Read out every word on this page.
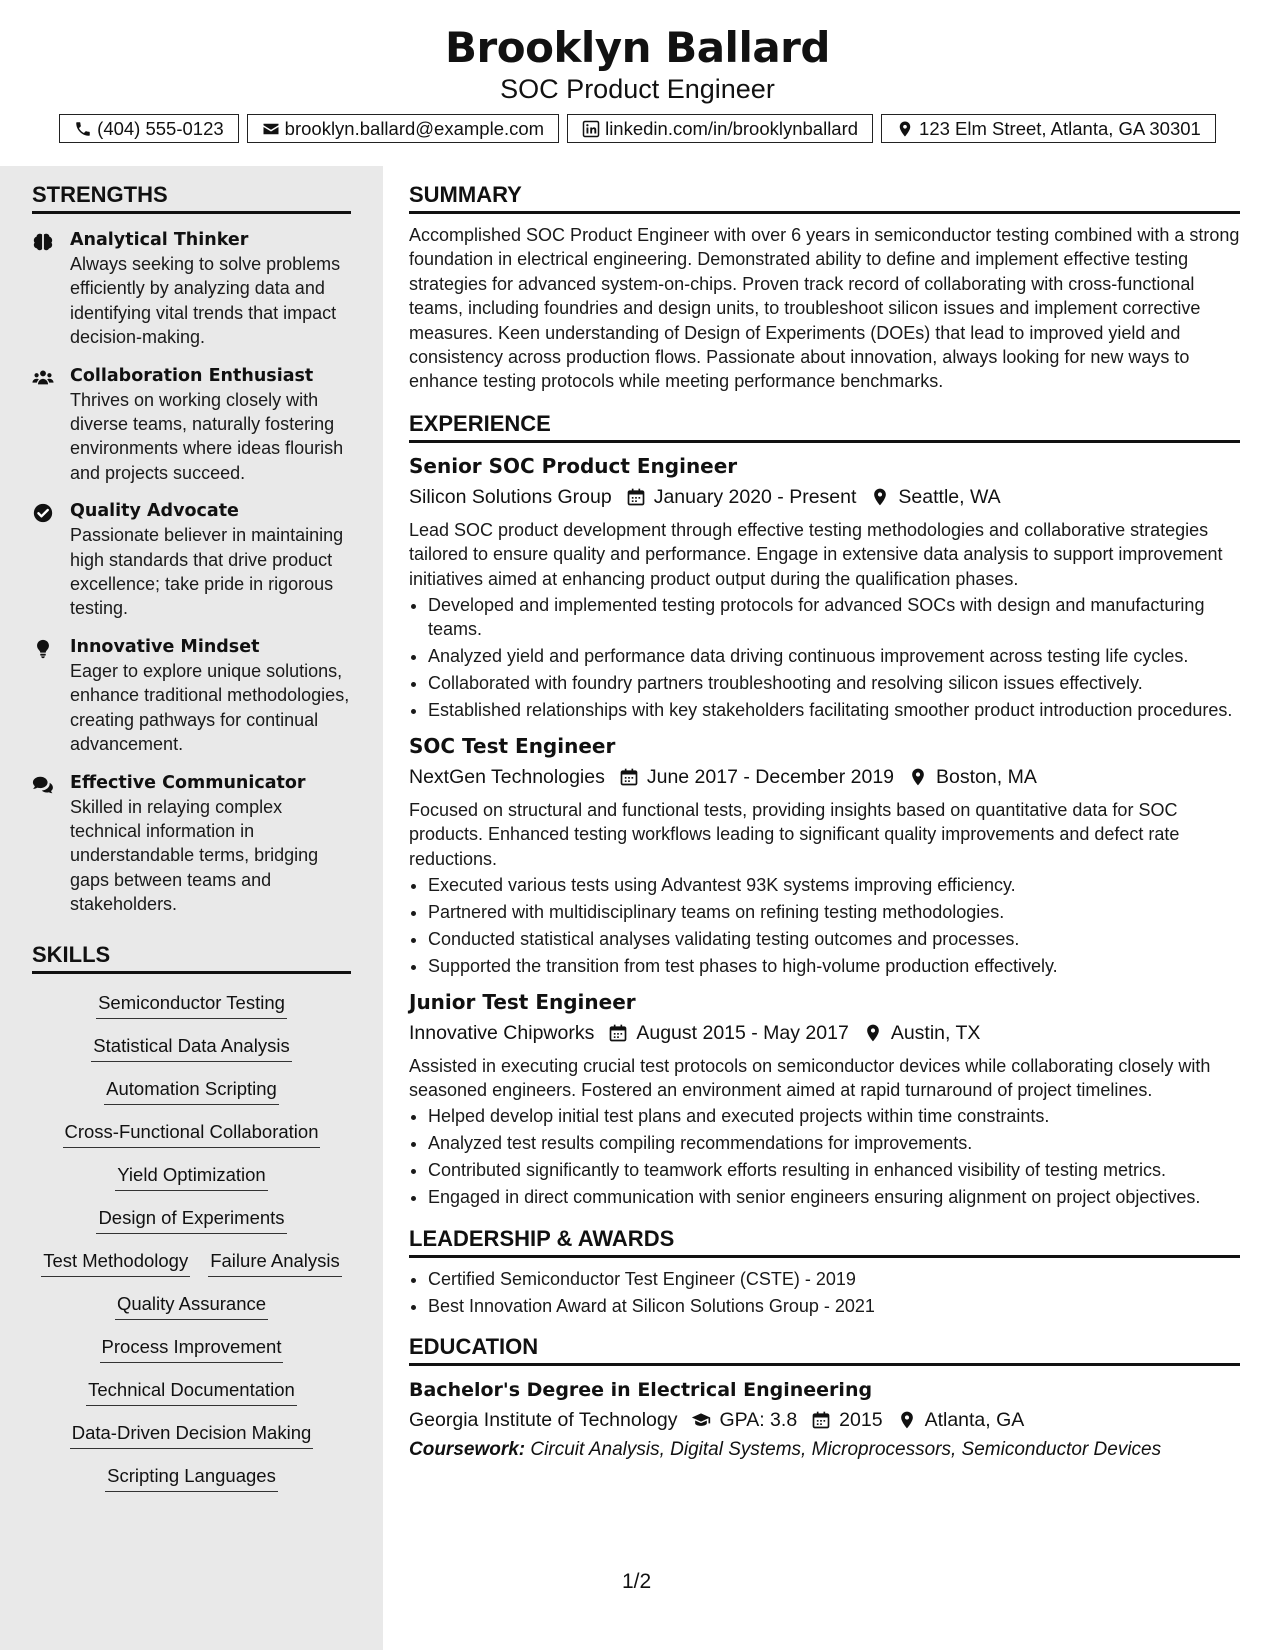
Brooklyn Ballard
SOC Product Engineer
(404) 555-0123	brooklyn.ballard@example.com	linkedin.com/in/brooklynballard	123 Elm Street, Atlanta, GA 30301
STRENGTHS
Analytical Thinker
Always seeking to solve problems efficiently by analyzing data and identifying vital trends that impact decision-making.
Collaboration Enthusiast
Thrives on working closely with diverse teams, naturally fostering environments where ideas flourish and projects succeed.
Quality Advocate
Passionate believer in maintaining high standards that drive product excellence; take pride in rigorous testing.
Innovative Mindset
Eager to explore unique solutions, enhance traditional methodologies, creating pathways for continual advancement.
Effective Communicator
Skilled in relaying complex technical information in understandable terms, bridging gaps between teams and stakeholders.
SKILLS
Semiconductor Testing
Statistical Data Analysis
Automation Scripting
Cross-Functional Collaboration
Yield Optimization
Design of Experiments
Test Methodology Failure Analysis
Quality Assurance
Process Improvement
Technical Documentation
Data-Driven Decision Making
Scripting Languages
SUMMARY
Accomplished SOC Product Engineer with over 6 years in semiconductor testing combined with a strong foundation in electrical engineering. Demonstrated ability to define and implement effective testing strategies for advanced system-on-chips. Proven track record of collaborating with cross-functional teams, including foundries and design units, to troubleshoot silicon issues and implement corrective measures. Keen understanding of Design of Experiments (DOEs) that lead to improved yield and consistency across production flows. Passionate about innovation, always looking for new ways to enhance testing protocols while meeting performance benchmarks.
EXPERIENCE
Senior SOC Product Engineer
Silicon Solutions Group January 2020 - Present Seattle, WA
Lead SOC product development through effective testing methodologies and collaborative strategies tailored to ensure quality and performance. Engage in extensive data analysis to support improvement initiatives aimed at enhancing product output during the qualification phases.
• Developed and implemented testing protocols for advanced SOCs with design and manufacturing teams.
• Analyzed yield and performance data driving continuous improvement across testing life cycles.
• Collaborated with foundry partners troubleshooting and resolving silicon issues effectively.
• Established relationships with key stakeholders facilitating smoother product introduction procedures.
SOC Test Engineer
NextGen Technologies June 2017 - December 2019 Boston, MA
Focused on structural and functional tests, providing insights based on quantitative data for SOC products. Enhanced testing workflows leading to significant quality improvements and defect rate reductions.
• Executed various tests using Advantest 93K systems improving efficiency.
• Partnered with multidisciplinary teams on refining testing methodologies.
• Conducted statistical analyses validating testing outcomes and processes.
• Supported the transition from test phases to high-volume production effectively.
Junior Test Engineer
Innovative Chipworks August 2015 - May 2017 Austin, TX
Assisted in executing crucial test protocols on semiconductor devices while collaborating closely with seasoned engineers. Fostered an environment aimed at rapid turnaround of project timelines.
• Helped develop initial test plans and executed projects within time constraints.
• Analyzed test results compiling recommendations for improvements.
• Contributed significantly to teamwork efforts resulting in enhanced visibility of testing metrics.
• Engaged in direct communication with senior engineers ensuring alignment on project objectives.
LEADERSHIP & AWARDS
• Certified Semiconductor Test Engineer (CSTE) - 2019
• Best Innovation Award at Silicon Solutions Group - 2021
EDUCATION
Bachelor's Degree in Electrical Engineering
Georgia Institute of Technology GPA: 3.8 2015 Atlanta, GA
Coursework: Circuit Analysis, Digital Systems, Microprocessors, Semiconductor Devices
1/2
